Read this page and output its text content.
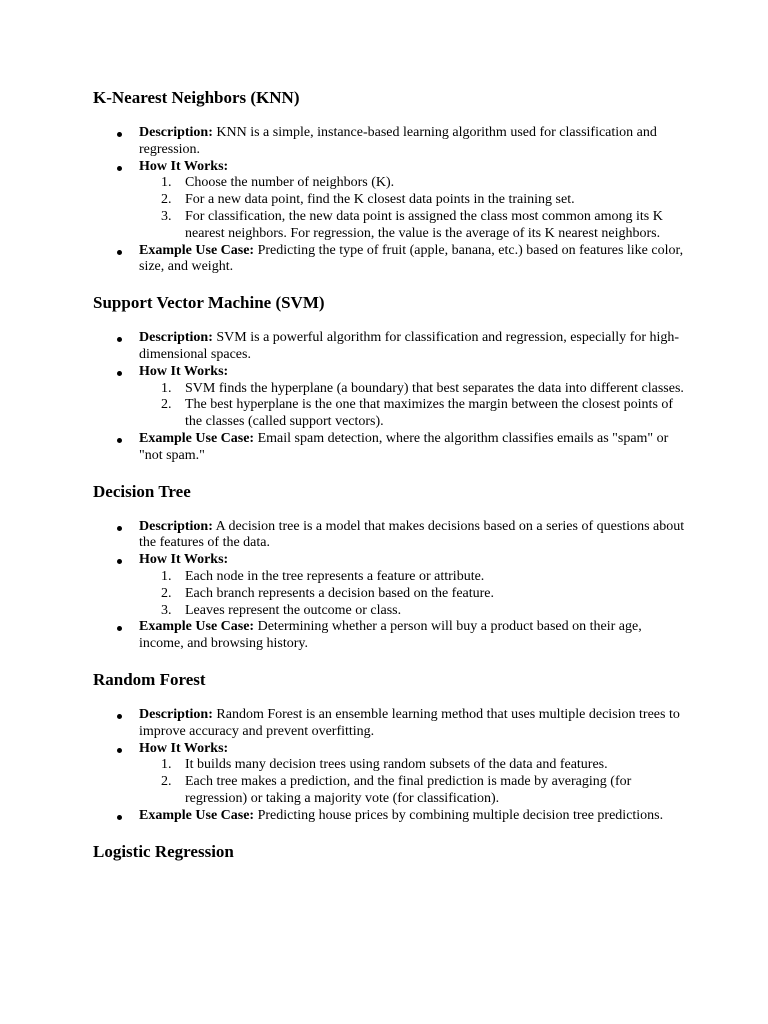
K-Nearest Neighbors (KNN)
Description: KNN is a simple, instance-based learning algorithm used for classification and regression.
How It Works:
1. Choose the number of neighbors (K).
2. For a new data point, find the K closest data points in the training set.
3. For classification, the new data point is assigned the class most common among its K nearest neighbors. For regression, the value is the average of its K nearest neighbors.
Example Use Case: Predicting the type of fruit (apple, banana, etc.) based on features like color, size, and weight.
Support Vector Machine (SVM)
Description: SVM is a powerful algorithm for classification and regression, especially for high-dimensional spaces.
How It Works:
1. SVM finds the hyperplane (a boundary) that best separates the data into different classes.
2. The best hyperplane is the one that maximizes the margin between the closest points of the classes (called support vectors).
Example Use Case: Email spam detection, where the algorithm classifies emails as "spam" or "not spam."
Decision Tree
Description: A decision tree is a model that makes decisions based on a series of questions about the features of the data.
How It Works:
1. Each node in the tree represents a feature or attribute.
2. Each branch represents a decision based on the feature.
3. Leaves represent the outcome or class.
Example Use Case: Determining whether a person will buy a product based on their age, income, and browsing history.
Random Forest
Description: Random Forest is an ensemble learning method that uses multiple decision trees to improve accuracy and prevent overfitting.
How It Works:
1. It builds many decision trees using random subsets of the data and features.
2. Each tree makes a prediction, and the final prediction is made by averaging (for regression) or taking a majority vote (for classification).
Example Use Case: Predicting house prices by combining multiple decision tree predictions.
Logistic Regression
